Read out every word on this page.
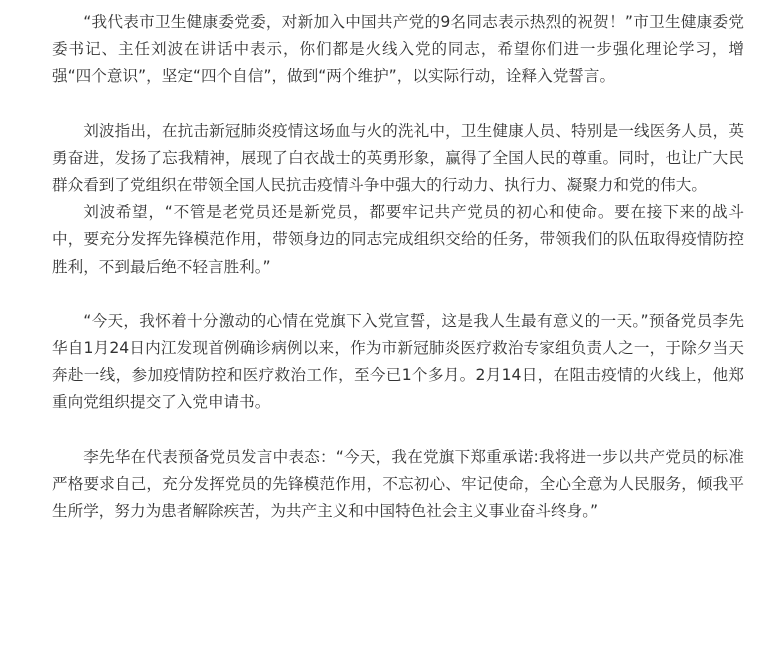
“我代表市卫生健康委党委，对新加入中国共产党的9名同志表示热烈的祝贺！”市卫生健康委党委书记、主任刘波在讲话中表示，你们都是火线入党的同志，希望你们进一步强化理论学习，增强“四个意识”，坚定“四个自信”，做到“两个维护”，以实际行动，诠释入党誓言。

刘波指出，在抗击新冠肺炎疫情这场血与火的洗礼中，卫生健康人员、特别是一线医务人员，英勇奋进，发扬了忘我精神，展现了白衣战士的英勇形象，赢得了全国人民的尊重。同时，也让广大民群众看到了党组织在带领全国人民抗击疫情斗争中强大的行动力、执行力、凝聚力和党的伟大。

刘波希望，“不管是老党员还是新党员，都要牢记共产党员的初心和使命。要在接下来的战斗中，要充分发挥先锋模范作用，带领身边的同志完成组织交给的任务，带领我们的队伍取得疫情防控胜利，不到最后绝不轻言胜利。”

“今天，我怀着十分激动的心情在党旗下入党宣誓，这是我人生最有意义的一天。”预备党员李先华自1月24日内江发现首例确诊病例以来，作为市新冠肺炎医疗救治专家组负责人之一，于除夕当天奔赴一线，参加疫情防控和医疗救治工作，至今已1个多月。2月14日，在阻击疫情的火线上，他郑重向党组织提交了入党申请书。

李先华在代表预备党员发言中表态：“今天，我在党旗下郑重承诺:我将进一步以共产党员的标准严格要求自己，充分发挥党员的先锋模范作用，不忘初心、牢记使命，全心全意为人民服务，倾我平生所学，努力为患者解除疾苦，为共产主义和中国特色社会主义事业奋斗终身。”
